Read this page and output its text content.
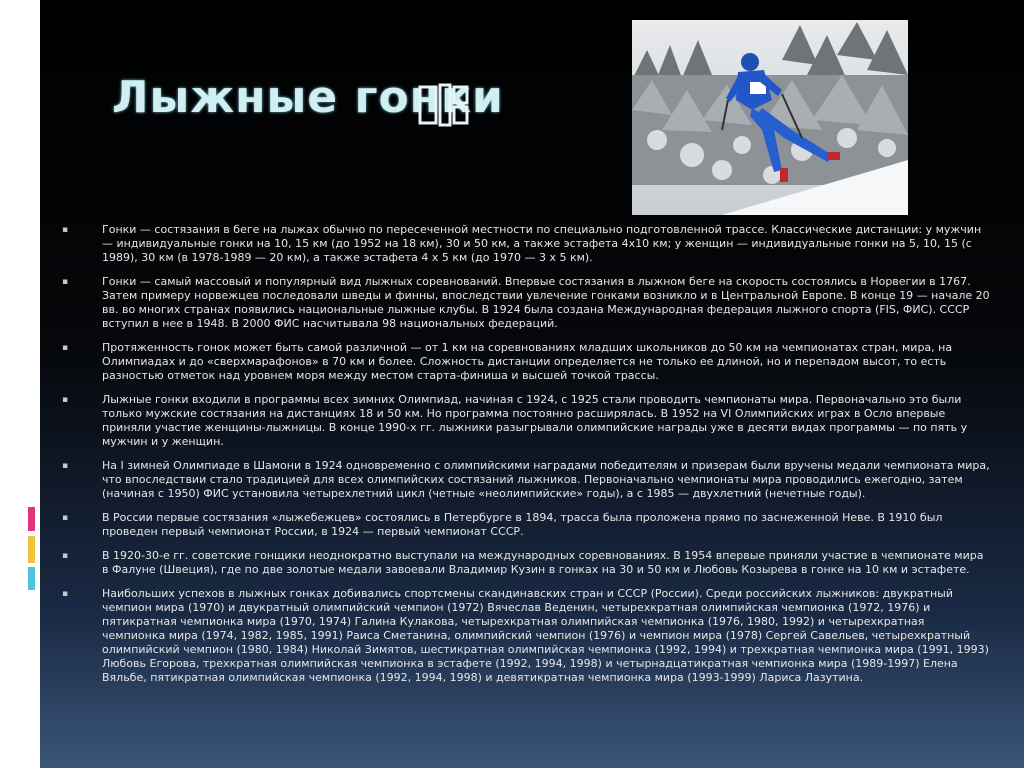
Лыжные гонки
▪	Гонки — состязания в беге на лыжах обычно по пересеченной местности по специально подготовленной трассе. Классические дистанции: у мужчин — индивидуальные гонки на 10, 15 км (до 1952 на 18 км), 30 и 50 км, а также эстафета 4х10 км; у женщин — индивидуальные гонки на 5, 10, 15 (с 1989), 30 км (в 1978-1989 — 20 км), а также эстафета 4 х 5 км (до 1970 — 3 х 5 км).
▪	Гонки — самый массовый и популярный вид лыжных соревнований. Впервые состязания в лыжном беге на скорость состоялись в Норвегии в 1767. Затем примеру норвежцев последовали шведы и финны, впоследствии увлечение гонками возникло и в Центральной Европе. В конце 19 — начале 20 вв. во многих странах появились национальные лыжные клубы. В 1924 была создана Международная федерация лыжного спорта (FIS, ФИС). СССР вступил в нее в 1948. В 2000 ФИС насчитывала 98 национальных федераций.
▪	Протяженность гонок может быть самой различной — от 1 км на соревнованиях младших школьников до 50 км на чемпионатах стран, мира, на Олимпиадах и до «сверхмарафонов» в 70 км и более. Сложность дистанции определяется не только ее длиной, но и перепадом высот, то есть разностью отметок над уровнем моря между местом старта-финиша и высшей точкой трассы.
▪	Лыжные гонки входили в программы всех зимних Олимпиад, начиная с 1924, с 1925 стали проводить чемпионаты мира. Первоначально это были только мужские состязания на дистанциях 18 и 50 км. Но программа постоянно расширялась. В 1952 на VI Олимпийских играх в Осло впервые приняли участие женщины-лыжницы. В конце 1990-х гг. лыжники разыгрывали олимпийские награды уже в десяти видах программы — по пять у мужчин и у женщин.
▪	На I зимней Олимпиаде в Шамони в 1924 одновременно с олимпийскими наградами победителям и призерам были вручены медали чемпионата мира, что впоследствии стало традицией для всех олимпийских состязаний лыжников. Первоначально чемпионаты мира проводились ежегодно, затем (начиная с 1950) ФИС установила четырехлетний цикл (четные «неолимпийские» годы), а с 1985 — двухлетний (нечетные годы).
▪	В России первые состязания «лыжебежцев» состоялись в Петербурге в 1894, трасса была проложена прямо по заснеженной Неве. В 1910 был проведен первый чемпионат России, в 1924 — первый чемпионат СССР.
▪	В 1920-30-е гг. советские гонщики неоднократно выступали на международных соревнованиях. В 1954 впервые приняли участие в чемпионате мира в Фалуне (Швеция), где по две золотые медали завоевали Владимир Кузин в гонках на 30 и 50 км и Любовь Козырева в гонке на 10 км и эстафете.
▪	Наибольших успехов в лыжных гонках добивались спортсмены скандинавских стран и СССР (России). Среди российских лыжников: двукратный чемпион мира (1970) и двукратный олимпийский чемпион (1972) Вячеслав Веденин, четырехкратная олимпийская чемпионка (1972, 1976) и пятикратная чемпионка мира (1970, 1974) Галина Кулакова, четырехкратная олимпийская чемпионка (1976, 1980, 1992) и четырехкратная чемпионка мира (1974, 1982, 1985, 1991) Раиса Сметанина, олимпийский чемпион (1976) и чемпион мира (1978) Сергей Савельев, четырехкратный олимпийский чемпион (1980, 1984) Николай Зимятов, шестикратная олимпийская чемпионка (1992, 1994) и трехкратная чемпионка мира (1991, 1993) Любовь Егорова, трехкратная олимпийская чемпионка в эстафете (1992, 1994, 1998) и четырнадцатикратная чемпионка мира (1989-1997) Елена Вяльбе, пятикратная олимпийская чемпионка (1992, 1994, 1998) и девятикратная чемпионка мира (1993-1999) Лариса Лазутина.
